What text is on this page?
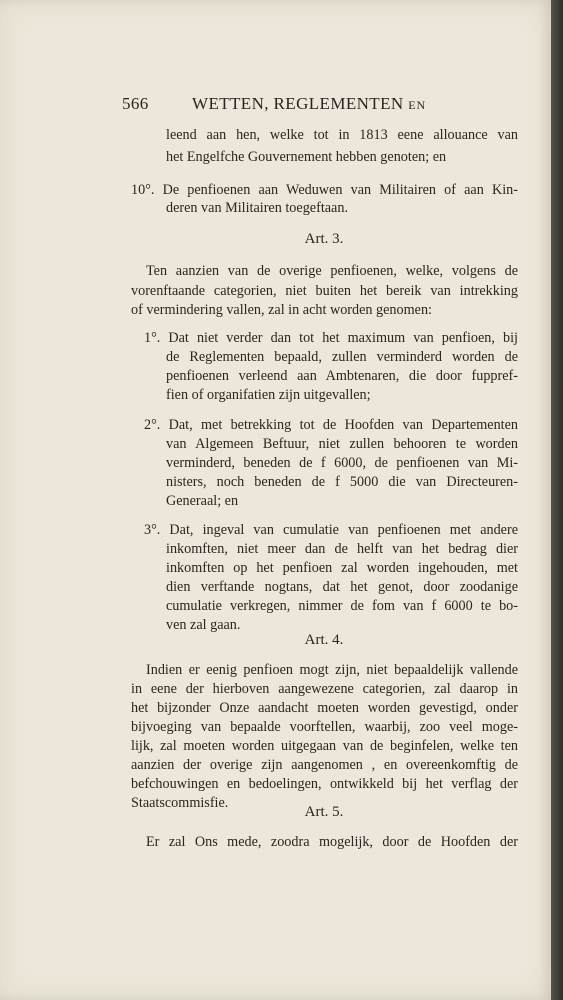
566	WETTEN, REGLEMENTEN EN
leend aan hen, welke tot in 1813 eene allouance van
het Engelfche Gouvernement hebben genoten; en
10°. De penfioenen aan Weduwen van Militairen of aan Kin-
deren van Militairen toegeftaan.
Art. 3.
Ten aanzien van de overige penfioenen, welke, volgens de
vorenftaande categorien, niet buiten het bereik van intrekking
of vermindering vallen, zal in acht worden genomen:
1°. Dat niet verder dan tot het maximum van penfioen, bij
de Reglementen bepaald, zullen verminderd worden de
penfioenen verleend aan Ambtenaren, die door fuppref-
fien of organifatien zijn uitgevallen;
2°. Dat, met betrekking tot de Hoofden van Departementen
van Algemeen Beftuur, niet zullen behooren te worden
verminderd, beneden de f 6000, de penfioenen van Mi-
nisters, noch beneden de f 5000 die van Directeuren-
Generaal; en
3°. Dat, ingeval van cumulatie van penfioenen met andere
inkomften, niet meer dan de helft van het bedrag dier
inkomften op het penfioen zal worden ingehouden, met
dien verftande nogtans, dat het genot, door zoodanige
cumulatie verkregen, nimmer de fom van f 6000 te bo-
ven zal gaan.
Art. 4.
Indien er eenig penfioen mogt zijn, niet bepaaldelijk vallende
in eene der hierboven aangewezene categorien, zal daarop in
het bijzonder Onze aandacht moeten worden gevestigd, onder
bijvoeging van bepaalde voorftellen, waarbij, zoo veel moge-
lijk, zal moeten worden uitgegaan van de beginfelen, welke ten
aanzien der overige zijn aangenomen , en overeenkomftig de
befchouwingen en bedoelingen, ontwikkeld bij het verflag der
Staatscommisfie.
Art. 5.
Er zal Ons mede, zoodra mogelijk, door de Hoofden der
